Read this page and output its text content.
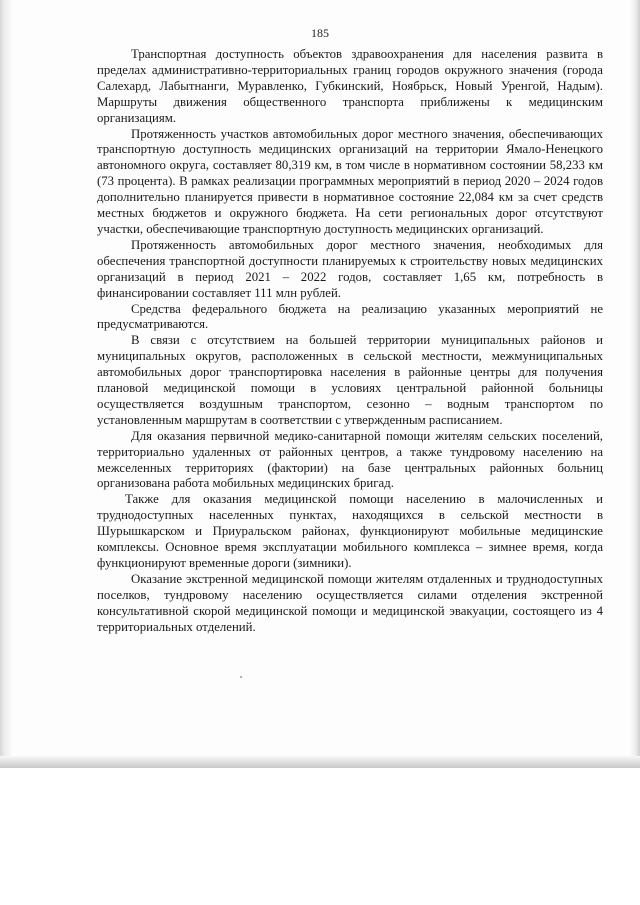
185

Транспортная доступность объектов здравоохранения для населения развита в пределах административно-территориальных границ городов окружного значения (города Салехард, Лабытнанги, Муравленко, Губкинский, Ноябрьск, Новый Уренгой, Надым). Маршруты движения общественного транспорта приближены к медицинским организациям.

Протяженность участков автомобильных дорог местного значения, обеспечивающих транспортную доступность медицинских организаций на территории Ямало-Ненецкого автономного округа, составляет 80,319 км, в том числе в нормативном состоянии 58,233 км (73 процента). В рамках реализации программных мероприятий в период 2020 – 2024 годов дополнительно планируется привести в нормативное состояние 22,084 км за счет средств местных бюджетов и окружного бюджета. На сети региональных дорог отсутствуют участки, обеспечивающие транспортную доступность медицинских организаций.

Протяженность автомобильных дорог местного значения, необходимых для обеспечения транспортной доступности планируемых к строительству новых медицинских организаций в период 2021 – 2022 годов, составляет 1,65 км, потребность в финансировании составляет 111 млн рублей.

Средства федерального бюджета на реализацию указанных мероприятий не предусматриваются.

В связи с отсутствием на большей территории муниципальных районов и муниципальных округов, расположенных в сельской местности, межмуниципальных автомобильных дорог транспортировка населения в районные центры для получения плановой медицинской помощи в условиях центральной районной больницы осуществляется воздушным транспортом, сезонно – водным транспортом по установленным маршрутам в соответствии с утвержденным расписанием.

Для оказания первичной медико-санитарной помощи жителям сельских поселений, территориально удаленных от районных центров, а также тундровому населению на межселенных территориях (фактории) на базе центральных районных больниц организована работа мобильных медицинских бригад.

Также для оказания медицинской помощи населению в малочисленных и труднодоступных населенных пунктах, находящихся в сельской местности в Шурышкарском и Приуральском районах, функционируют мобильные медицинские комплексы. Основное время эксплуатации мобильного комплекса – зимнее время, когда функционируют временные дороги (зимники).

Оказание экстренной медицинской помощи жителям отдаленных и труднодоступных поселков, тундровому населению осуществляется силами отделения экстренной консультативной скорой медицинской помощи и медицинской эвакуации, состоящего из 4 территориальных отделений.
